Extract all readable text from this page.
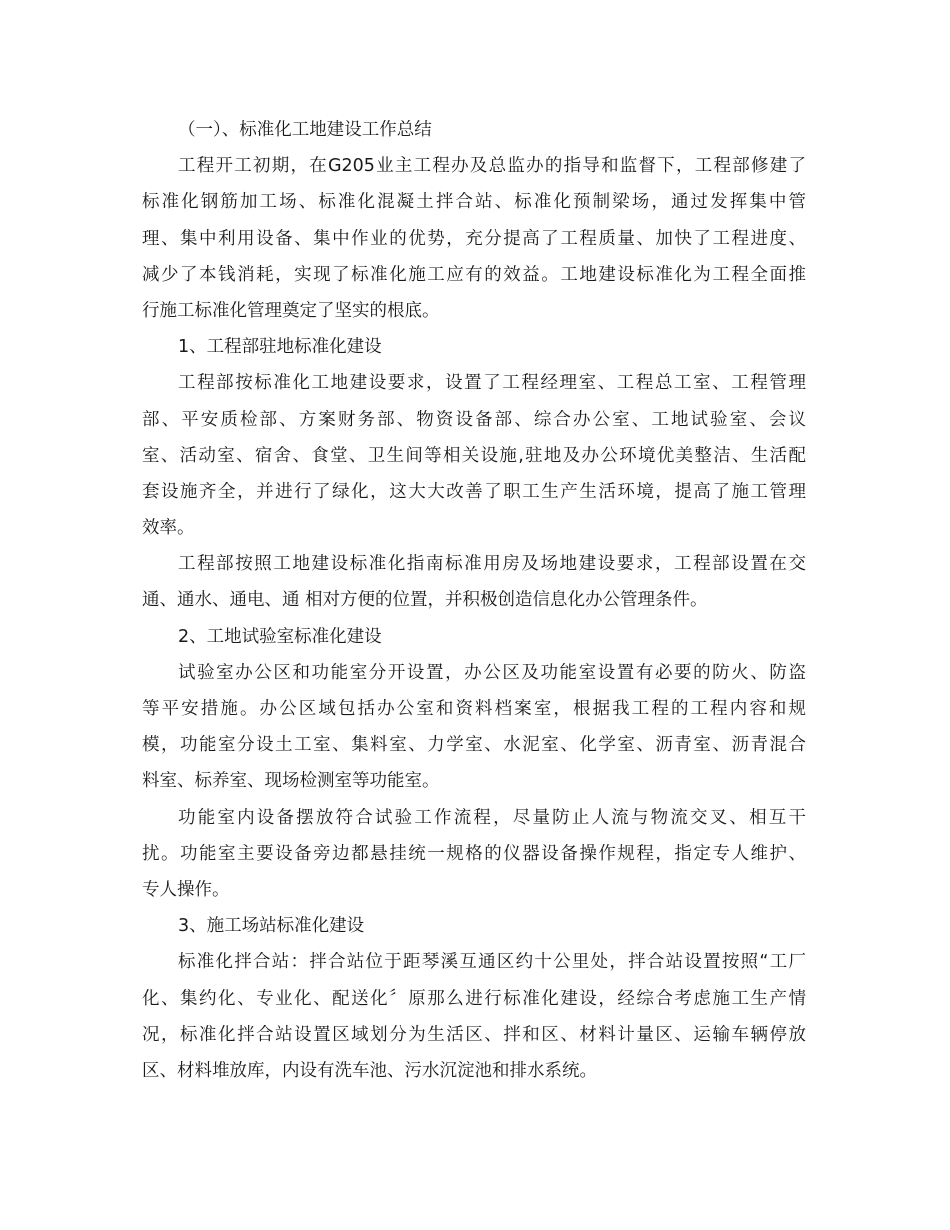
（一）、标准化工地建设工作总结
工程开工初期，在G205业主工程办及总监办的指导和监督下，工程部修建了
标准化钢筋加工场、标准化混凝土拌合站、标准化预制梁场，通过发挥集中管
理、集中利用设备、集中作业的优势，充分提高了工程质量、加快了工程进度、
减少了本钱消耗，实现了标准化施工应有的效益。工地建设标准化为工程全面推
行施工标准化管理奠定了坚实的根底。
1、工程部驻地标准化建设
工程部按标准化工地建设要求，设置了工程经理室、工程总工室、工程管理
部、平安质检部、方案财务部、物资设备部、综合办公室、工地试验室、会议
室、活动室、宿舍、食堂、卫生间等相关设施,驻地及办公环境优美整洁、生活配
套设施齐全，并进行了绿化，这大大改善了职工生产生活环境，提高了施工管理
效率。
工程部按照工地建设标准化指南标准用房及场地建设要求，工程部设置在交
通、通水、通电、通 相对方便的位置，并积极创造信息化办公管理条件。
2、工地试验室标准化建设
试验室办公区和功能室分开设置，办公区及功能室设置有必要的防火、防盗
等平安措施。办公区域包括办公室和资料档案室，根据我工程的工程内容和规
模，功能室分设土工室、集料室、力学室、水泥室、化学室、沥青室、沥青混合
料室、标养室、现场检测室等功能室。
功能室内设备摆放符合试验工作流程，尽量防止人流与物流交叉、相互干
扰。功能室主要设备旁边都悬挂统一规格的仪器设备操作规程，指定专人维护、
专人操作。
3、施工场站标准化建设
标准化拌合站：拌合站位于距琴溪互通区约十公里处，拌合站设置按照“工厂
化、集约化、专业化、配送化〞原那么进行标准化建设，经综合考虑施工生产情
况，标准化拌合站设置区域划分为生活区、拌和区、材料计量区、运输车辆停放
区、材料堆放库，内设有洗车池、污水沉淀池和排水系统。
